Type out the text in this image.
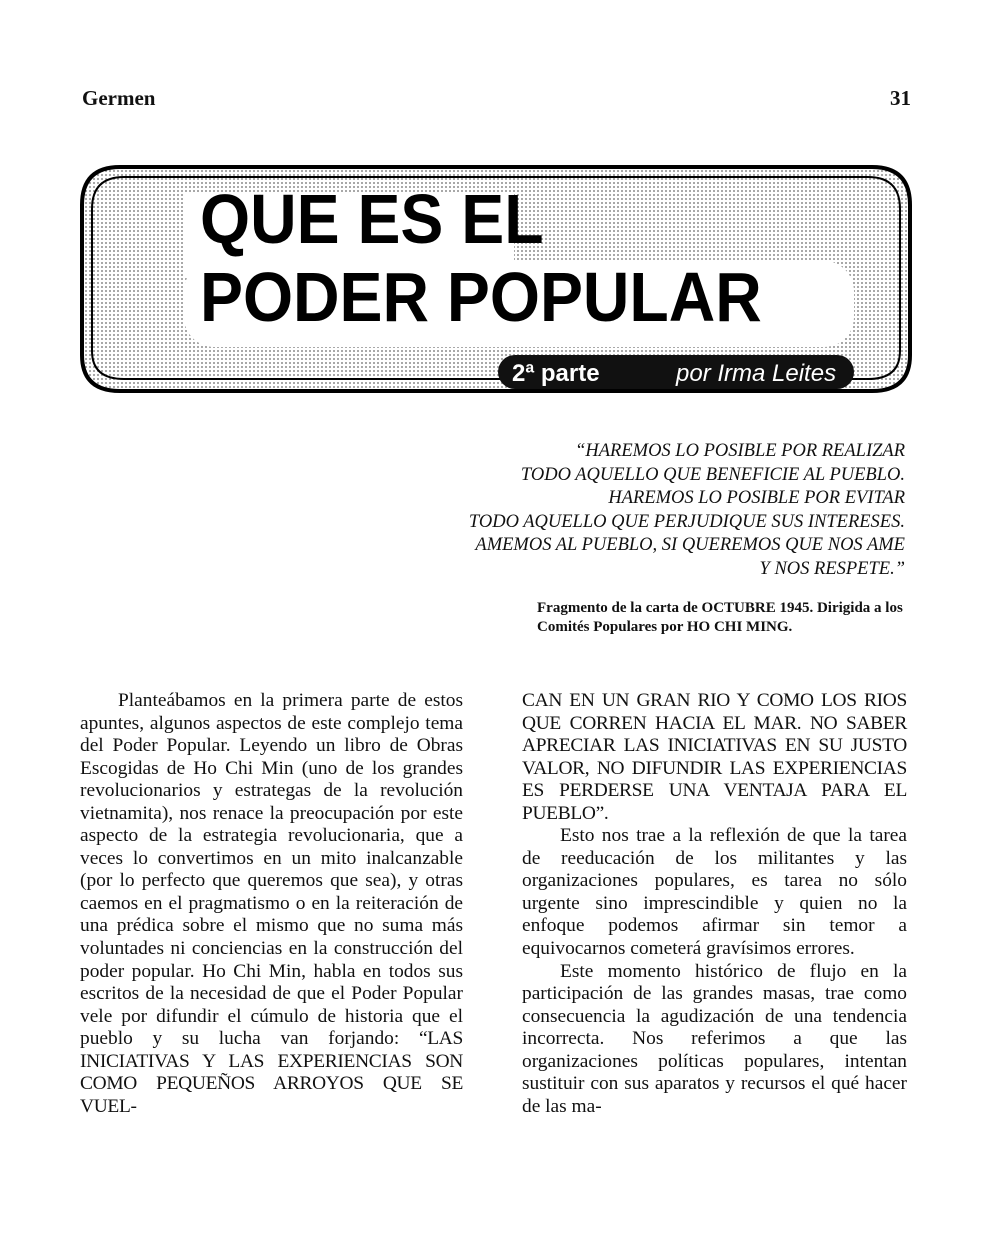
Germen	31
QUE ES EL
PODER POPULAR
2ª parte	por Irma Leites
“HAREMOS LO POSIBLE POR REALIZAR
TODO AQUELLO QUE BENEFICIE AL PUEBLO.
HAREMOS LO POSIBLE POR EVITAR
TODO AQUELLO QUE PERJUDIQUE SUS INTERESES.
AMEMOS AL PUEBLO, SI QUEREMOS QUE NOS AME
Y NOS RESPETE.”
Fragmento de la carta de OCTUBRE 1945. Dirigida a los Comités Populares por HO CHI MING.

Planteábamos en la primera parte de estos apuntes, algunos aspectos de este complejo tema del Poder Popular. Leyendo un libro de Obras Escogidas de Ho Chi Min (uno de los grandes revolucionarios y estrategas de la revolución vietnamita), nos renace la preocupación por este aspecto de la estrategia revolucionaria, que a veces lo convertimos en un mito inalcanzable (por lo perfecto que queremos que sea), y otras caemos en el pragmatismo o en la reiteración de una prédica sobre el mismo que no suma más voluntades ni conciencias en la construcción del poder popular. Ho Chi Min, habla en todos sus escritos de la necesidad de que el Poder Popular vele por difundir el cúmulo de historia que el pueblo y su lucha van forjando: “LAS INICIATIVAS Y LAS EXPERIENCIAS SON COMO PEQUEÑOS ARROYOS QUE SE VUEL-

CAN EN UN GRAN RIO Y COMO LOS RIOS QUE CORREN HACIA EL MAR. NO SABER APRECIAR LAS INICIATIVAS EN SU JUSTO VALOR, NO DIFUNDIR LAS EXPERIENCIAS ES PERDERSE UNA VENTAJA PARA EL PUEBLO”.

Esto nos trae a la reflexión de que la tarea de reeducación de los militantes y las organizaciones populares, es tarea no sólo urgente sino imprescindible y quien no la enfoque podemos afirmar sin temor a equivocarnos cometerá gravísimos errores.

Este momento histórico de flujo en la participación de las grandes masas, trae como consecuencia la agudización de una tendencia incorrecta. Nos referimos a que las organizaciones políticas populares, intentan sustituir con sus aparatos y recursos el qué hacer de las ma-
